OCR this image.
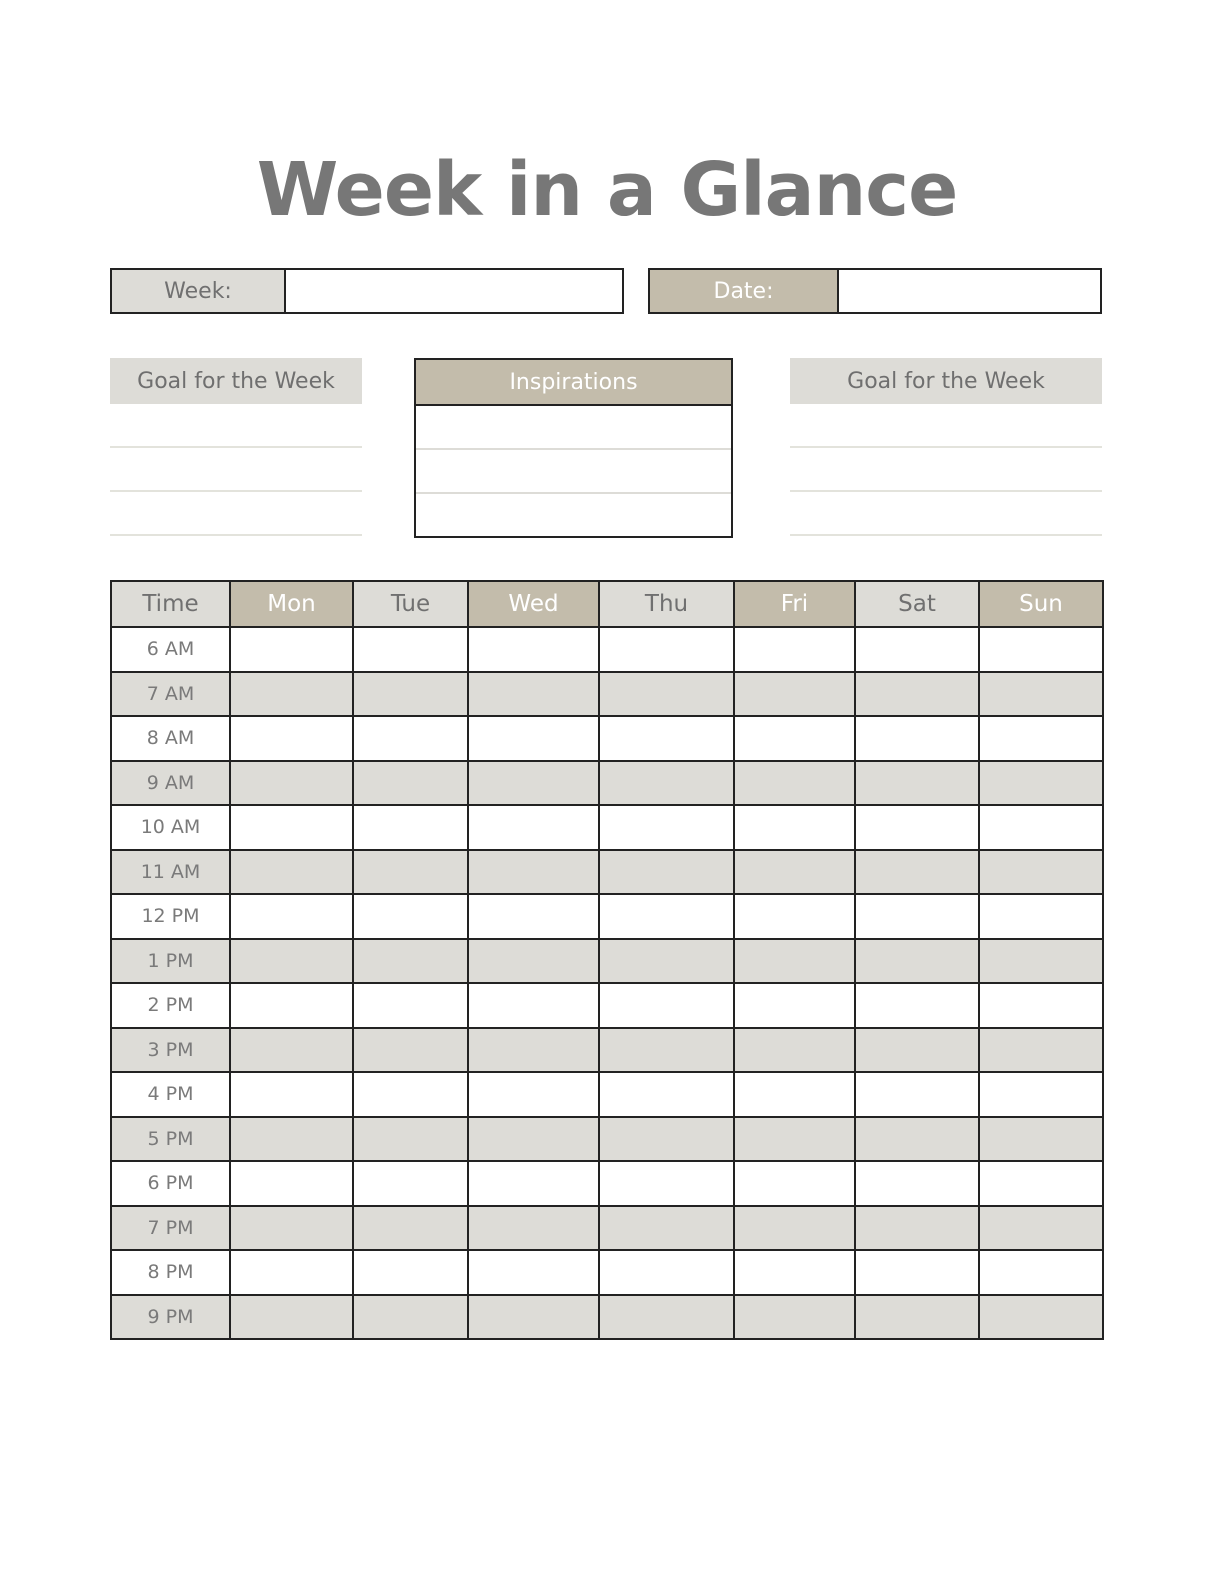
Week in a Glance
Week:	Date:
Goal for the Week	Inspirations	Goal for the Week
Time	Mon	Tue	Wed	Thu	Fri	Sat	Sun
6 AM							
7 AM							
8 AM							
9 AM							
10 AM							
11 AM							
12 PM							
1 PM							
2 PM							
3 PM							
4 PM							
5 PM							
6 PM							
7 PM							
8 PM							
9 PM							
